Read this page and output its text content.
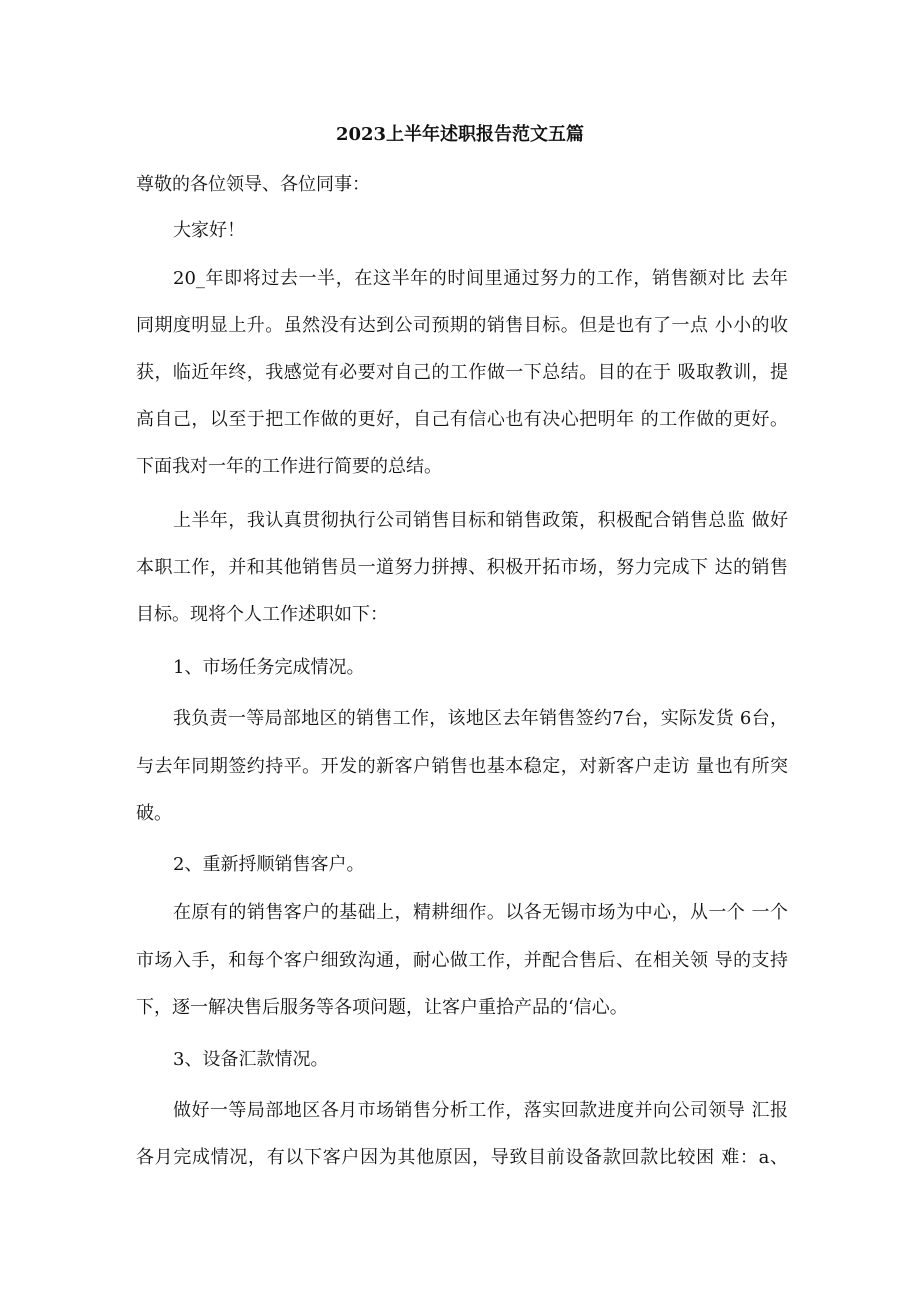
2023上半年述职报告范文五篇
尊敬的各位领导、各位同事：
大家好！
20_年即将过去一半，在这半年的时间里通过努力的工作，销售额对比 去年
同期度明显上升。虽然没有达到公司预期的销售目标。但是也有了一点 小小的收
获，临近年终，我感觉有必要对自己的工作做一下总结。目的在于 吸取教训，提
高自己，以至于把工作做的更好，自己有信心也有决心把明年 的工作做的更好。
下面我对一年的工作进行简要的总结。
上半年，我认真贯彻执行公司销售目标和销售政策，积极配合销售总监 做好
本职工作，并和其他销售员一道努力拼搏、积极开拓市场，努力完成下 达的销售
目标。现将个人工作述职如下：
1、市场任务完成情况。
我负责一等局部地区的销售工作，该地区去年销售签约7台，实际发货 6台，
与去年同期签约持平。开发的新客户销售也基本稳定，对新客户走访 量也有所突
破。
2、重新捋顺销售客户。
在原有的销售客户的基础上，精耕细作。以各无锡市场为中心，从一个 一个
市场入手，和每个客户细致沟通，耐心做工作，并配合售后、在相关领 导的支持
下，逐一解决售后服务等各项问题，让客户重拾产品的‘信心。
3、设备汇款情况。
做好一等局部地区各月市场销售分析工作，落实回款进度并向公司领导 汇报
各月完成情况，有以下客户因为其他原因，导致目前设备款回款比较困 难：a、
